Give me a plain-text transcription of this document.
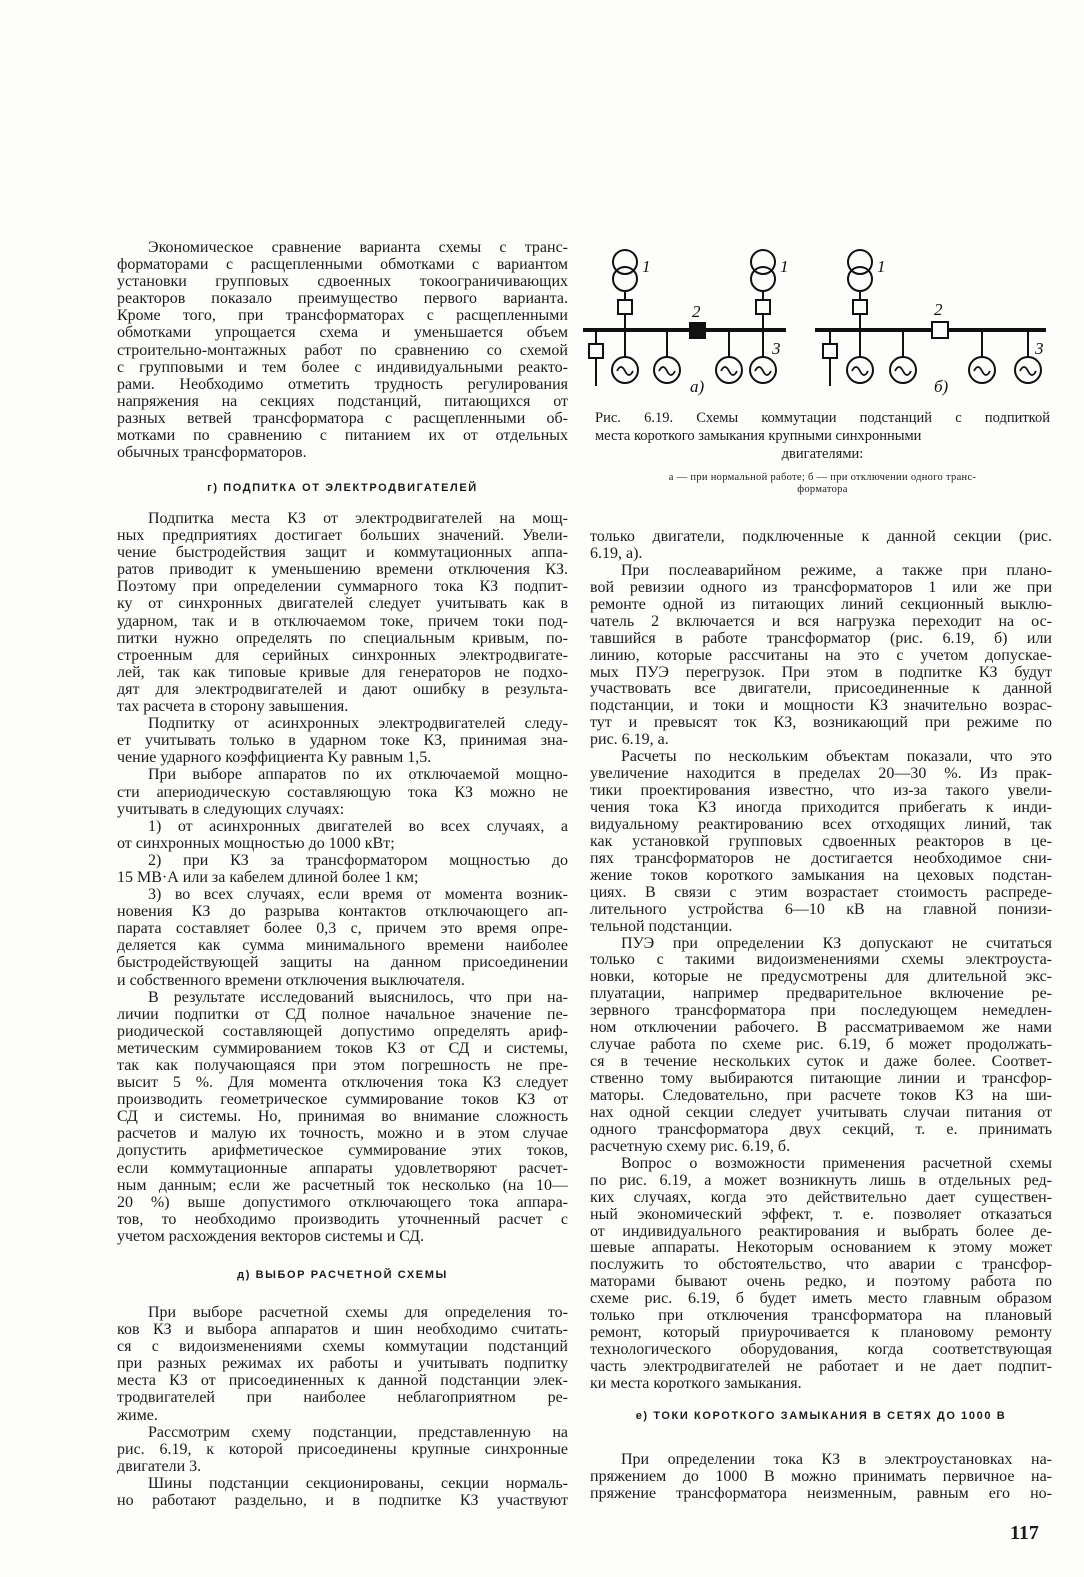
Экономическое сравнение варианта схемы с транс-
форматорами с расщепленными обмотками с вариантом
установки групповых сдвоенных токоограничивающих
реакторов показало преимущество первого варианта.
Кроме того, при трансформаторах с расщепленными
обмотками упрощается схема и уменьшается объем
строительно-монтажных работ по сравнению со схемой
с групповыми и тем более с индивидуальными реакто-
рами. Необходимо отметить трудность регулирования
напряжения на секциях подстанций, питающихся от
разных ветвей трансформатора с расщепленными об-
мотками по сравнению с питанием их от отдельных
обычных трансформаторов.
г) ПОДПИТКА ОТ ЭЛЕКТРОДВИГАТЕЛЕЙ
Подпитка места КЗ от электродвигателей на мощ-
ных предприятиях достигает больших значений. Увели-
чение быстродействия защит и коммутационных аппа-
ратов приводит к уменьшению времени отключения КЗ.
Поэтому при определении суммарного тока КЗ подпит-
ку от синхронных двигателей следует учитывать как в
ударном, так и в отключаемом токе, причем токи под-
питки нужно определять по специальным кривым, по-
строенным для серийных синхронных электродвигате-
лей, так как типовые кривые для генераторов не подхо-
дят для электродвигателей и дают ошибку в результа-
тах расчета в сторону завышения.
Подпитку от асинхронных электродвигателей следу-
ет учитывать только в ударном токе КЗ, принимая зна-
чение ударного коэффициента Kу равным 1,5.
При выборе аппаратов по их отключаемой мощно-
сти апериодическую составляющую тока КЗ можно не
учитывать в следующих случаях:
1) от асинхронных двигателей во всех случаях, а
от синхронных мощностью до 1000 кВт;
2) при КЗ за трансформатором мощностью до
15 МВ·А или за кабелем длиной более 1 км;
3) во всех случаях, если время от момента возник-
новения КЗ до разрыва контактов отключающего ап-
парата составляет более 0,3 с, причем это время опре-
деляется как сумма минимального времени наиболее
быстродействующей защиты на данном присоединении
и собственного времени отключения выключателя.
В результате исследований выяснилось, что при на-
личии подпитки от СД полное начальное значение пе-
риодической составляющей допустимо определять ариф-
метическим суммированием токов КЗ от СД и системы,
так как получающаяся при этом погрешность не пре-
высит 5 %. Для момента отключения тока КЗ следует
производить геометрическое суммирование токов КЗ от
СД и системы. Но, принимая во внимание сложность
расчетов и малую их точность, можно и в этом случае
допустить арифметическое суммирование этих токов,
если коммутационные аппараты удовлетворяют расчет-
ным данным; если же расчетный ток несколько (на 10—
20 %) выше допустимого отключающего тока аппара-
тов, то необходимо производить уточненный расчет с
учетом расхождения векторов системы и СД.
д) ВЫБОР РАСЧЕТНОЙ СХЕМЫ
При выборе расчетной схемы для определения то-
ков КЗ и выбора аппаратов и шин необходимо считать-
ся с видоизменениями схемы коммутации подстанций
при разных режимах их работы и учитывать подпитку
места КЗ от присоединенных к данной подстанции элек-
тродвигателей при наиболее неблагоприятном ре-
жиме.
Рассмотрим схему подстанции, представленную на
рис. 6.19, к которой присоединены крупные синхронные
двигатели 3.
Шины подстанции секционированы, секции нормаль-
но работают раздельно, и в подпитке КЗ участвуют
1	1	1
2	2
3	3
а)	б)
Рис. 6.19. Схемы коммутации подстанций с подпиткой
места короткого замыкания крупными синхронными
двигателями:
а — при нормальной работе; б — при отключении одного транс-
форматора
только двигатели, подключенные к данной секции (рис.
6.19, а).
При послеаварийном режиме, а также при плано-
вой ревизии одного из трансформаторов 1 или же при
ремонте одной из питающих линий секционный выклю-
чатель 2 включается и вся нагрузка переходит на ос-
тавшийся в работе трансформатор (рис. 6.19, б) или
линию, которые рассчитаны на это с учетом допускае-
мых ПУЭ перегрузок. При этом в подпитке КЗ будут
участвовать все двигатели, присоединенные к данной
подстанции, и токи и мощности КЗ значительно возрас-
тут и превысят ток КЗ, возникающий при режиме по
рис. 6.19, а.
Расчеты по нескольким объектам показали, что это
увеличение находится в пределах 20—30 %. Из прак-
тики проектирования известно, что из-за такого увели-
чения тока КЗ иногда приходится прибегать к инди-
видуальному реактированию всех отходящих линий, так
как установкой групповых сдвоенных реакторов в це-
пях трансформаторов не достигается необходимое сни-
жение токов короткого замыкания на цеховых подстан-
циях. В связи с этим возрастает стоимость распреде-
лительного устройства 6—10 кВ на главной понизи-
тельной подстанции.
ПУЭ при определении КЗ допускают не считаться
только с такими видоизменениями схемы электроуста-
новки, которые не предусмотрены для длительной экс-
плуатации, например предварительное включение ре-
зервного трансформатора при последующем немедлен-
ном отключении рабочего. В рассматриваемом же нами
случае работа по схеме рис. 6.19, б может продолжать-
ся в течение нескольких суток и даже более. Соответ-
ственно тому выбираются питающие линии и трансфор-
маторы. Следовательно, при расчете токов КЗ на ши-
нах одной секции следует учитывать случаи питания от
одного трансформатора двух секций, т. е. принимать
расчетную схему рис. 6.19, б.
Вопрос о возможности применения расчетной схемы
по рис. 6.19, а может возникнуть лишь в отдельных ред-
ких случаях, когда это действительно дает существен-
ный экономический эффект, т. е. позволяет отказаться
от индивидуального реактирования и выбрать более де-
шевые аппараты. Некоторым основанием к этому может
послужить то обстоятельство, что аварии с трансфор-
маторами бывают очень редко, и поэтому работа по
схеме рис. 6.19, б будет иметь место главным образом
только при отключения трансформатора на плановый
ремонт, который приурочивается к плановому ремонту
технологического оборудования, когда соответствующая
часть электродвигателей не работает и не дает подпит-
ки места короткого замыкания.
е) ТОКИ КОРОТКОГО ЗАМЫКАНИЯ В СЕТЯХ ДО 1000 В
При определении тока КЗ в электроустановках на-
пряжением до 1000 В можно принимать первичное на-
пряжение трансформатора неизменным, равным его но-
117
